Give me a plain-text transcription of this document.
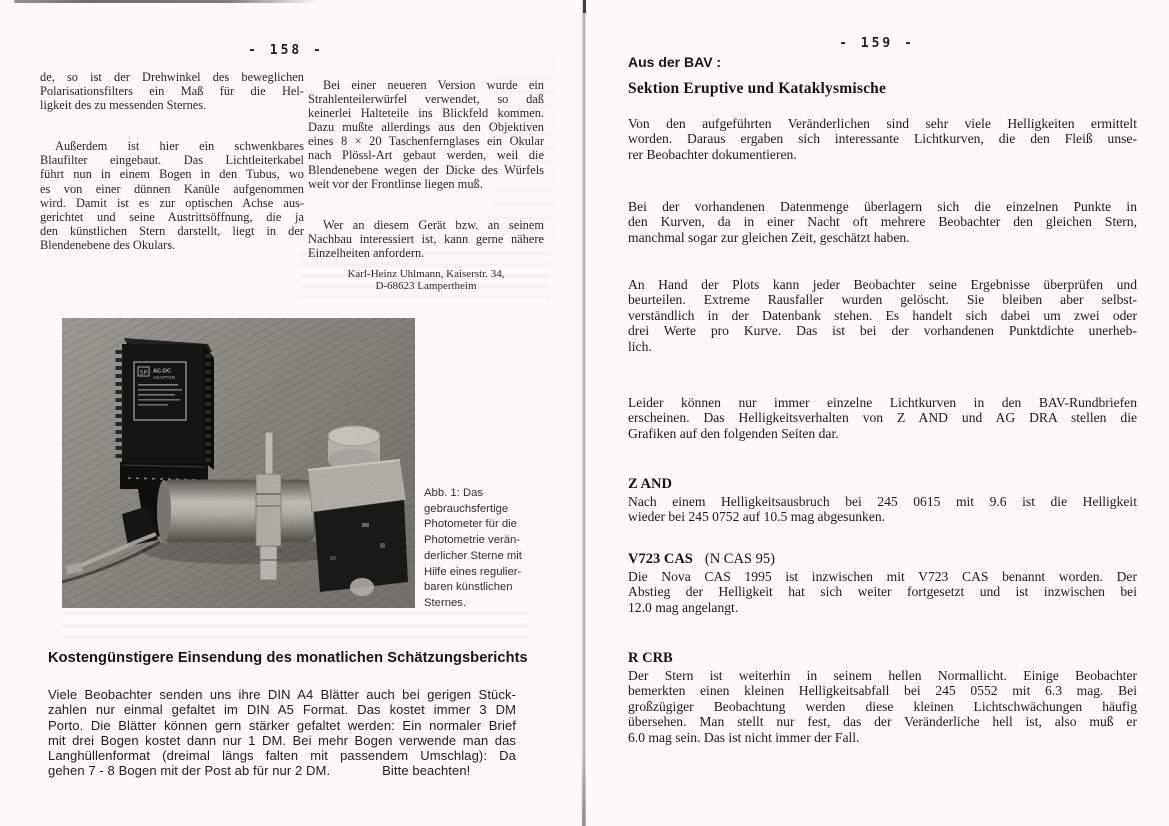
- 158 -
de, so ist der Drehwinkel des beweglichen
Polarisationsfilters ein Maß für die Hel-
ligkeit des zu messenden Sternes.
Außerdem ist hier ein schwenkbares
Blaufilter eingebaut. Das Lichtleiterkabel
führt nun in einem Bogen in den Tubus, wo
es von einer dünnen Kanüle aufgenommen
wird. Damit ist es zur optischen Achse aus-
gerichtet und seine Austrittsöffnung, die ja
den künstlichen Stern darstellt, liegt in der
Blendenebene des Okulars.
Bei einer neueren Version wurde ein
Strahlenteilerwürfel verwendet, so daß
keinerlei Halteteile ins Blickfeld kommen.
Dazu mußte allerdings aus den Objektiven
eines 8 × 20 Taschenfernglases ein Okular
nach Plössl-Art gebaut werden, weil die
Blendenebene wegen der Dicke des Würfels
weit vor der Frontlinse liegen muß.
Wer an diesem Gerät bzw. an seinem
Nachbau interessiert ist, kann gerne nähere
Einzelheiten anfordern.
Karl-Heinz Uhlmann, Kaiserstr. 34,
D-68623 Lampertheim
SP AC-DC
ADAPTOR
Abb. 1: Das
gebrauchsfertige
Photometer für die
Photometrie verän-
derlicher Sterne mit
Hilfe eines regulier-
baren künstlichen
Sternes.
Kostengünstigere Einsendung des monatlichen Schätzungsberichts
Viele Beobachter senden uns ihre DIN A4 Blätter auch bei gerigen Stück-
zahlen nur einmal gefaltet im DIN A5 Format. Das kostet immer 3 DM
Porto. Die Blätter können gern stärker gefaltet werden: Ein normaler Brief
mit drei Bogen kostet dann nur 1 DM. Bei mehr Bogen verwende man das
Langhüllenformat (dreimal längs falten mit passendem Umschlag): Da
gehen 7 - 8 Bogen mit der Post ab für nur 2 DM.              Bitte beachten!
- 159 -
Aus der BAV :
Sektion Eruptive und Kataklysmische
Von den aufgeführten Veränderlichen sind sehr viele Helligkeiten ermittelt
worden. Daraus ergaben sich interessante Lichtkurven, die den Fleiß unse-
rer Beobachter dokumentieren.
Bei der vorhandenen Datenmenge überlagern sich die einzelnen Punkte in
den Kurven, da in einer Nacht oft mehrere Beobachter den gleichen Stern,
manchmal sogar zur gleichen Zeit, geschätzt haben.
An Hand der Plots kann jeder Beobachter seine Ergebnisse überprüfen und
beurteilen. Extreme Rausfaller wurden gelöscht. Sie bleiben aber selbst-
verständlich in der Datenbank stehen. Es handelt sich dabei um zwei oder
drei Werte pro Kurve. Das ist bei der vorhandenen Punktdichte unerheb-
lich.
Leider können nur immer einzelne Lichtkurven in den BAV-Rundbriefen
erscheinen. Das Helligkeitsverhalten von Z AND und AG DRA stellen die
Grafiken auf den folgenden Seiten dar.
Z AND
Nach einem Helligkeitsausbruch bei 245 0615 mit 9.6 ist die Helligkeit
wieder bei 245 0752 auf 10.5 mag abgesunken.
V723 CAS (N CAS 95)
Die Nova CAS 1995 ist inzwischen mit V723 CAS benannt worden. Der
Abstieg der Helligkeit hat sich weiter fortgesetzt und ist inzwischen bei
12.0 mag angelangt.
R CRB
Der Stern ist weiterhin in seinem hellen Normallicht. Einige Beobachter
bemerkten einen kleinen Helligkeitsabfall bei 245 0552 mit 6.3 mag. Bei
großzügiger Beobachtung werden diese kleinen Lichtschwächungen häufig
übersehen. Man stellt nur fest, das der Veränderliche hell ist, also muß er
6.0 mag sein. Das ist nicht immer der Fall.
